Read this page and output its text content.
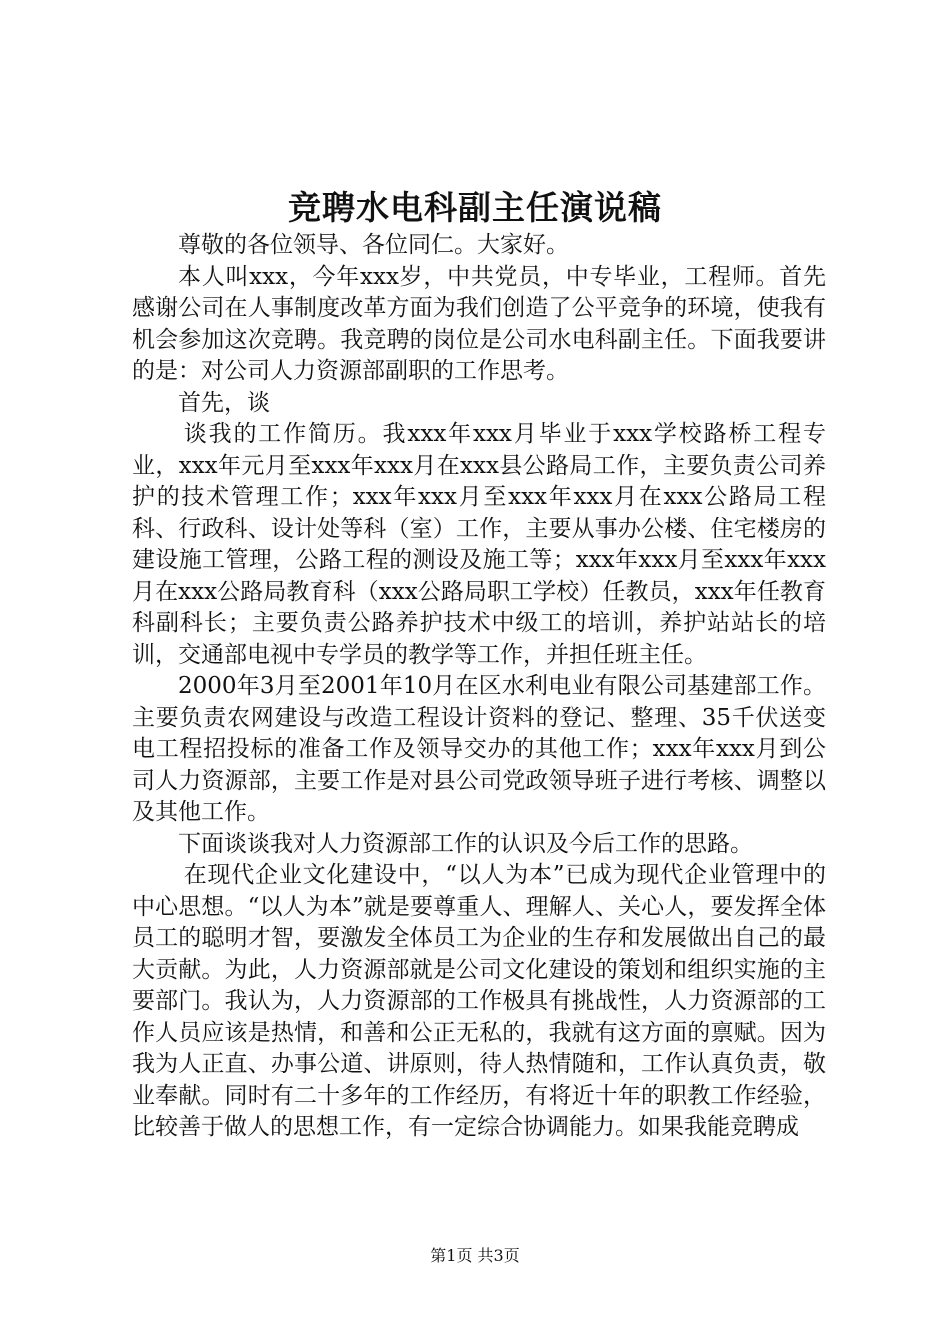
竞聘水电科副主任演说稿

尊敬的各位领导、各位同仁。大家好。

本人叫xxx，今年xxx岁，中共党员，中专毕业，工程师。首先感谢公司在人事制度改革方面为我们创造了公平竞争的环境，使我有机会参加这次竞聘。我竞聘的岗位是公司水电科副主任。下面我要讲的是：对公司人力资源部副职的工作思考。

首先，谈

谈我的工作简历。我xxx年xxx月毕业于xxx学校路桥工程专业，xxx年元月至xxx年xxx月在xxx县公路局工作，主要负责公司养护的技术管理工作；xxx年xxx月至xxx年xxx月在xxx公路局工程科、行政科、设计处等科（室）工作，主要从事办公楼、住宅楼房的建设施工管理，公路工程的测设及施工等；xxx年xxx月至xxx年xxx月在xxx公路局教育科（xxx公路局职工学校）任教员，xxx年任教育科副科长；主要负责公路养护技术中级工的培训，养护站站长的培训，交通部电视中专学员的教学等工作，并担任班主任。

2000年3月至2001年10月在区水利电业有限公司基建部工作。主要负责农网建设与改造工程设计资料的登记、整理、35千伏送变电工程招投标的准备工作及领导交办的其他工作；xxx年xxx月到公司人力资源部，主要工作是对县公司党政领导班子进行考核、调整以及其他工作。

下面谈谈我对人力资源部工作的认识及今后工作的思路。

在现代企业文化建设中，“以人为本”已成为现代企业管理中的中心思想。“以人为本”就是要尊重人、理解人、关心人，要发挥全体员工的聪明才智，要激发全体员工为企业的生存和发展做出自己的最大贡献。为此，人力资源部就是公司文化建设的策划和组织实施的主要部门。我认为，人力资源部的工作极具有挑战性，人力资源部的工作人员应该是热情，和善和公正无私的，我就有这方面的禀赋。因为我为人正直、办事公道、讲原则，待人热情随和，工作认真负责，敬业奉献。同时有二十多年的工作经历，有将近十年的职教工作经验，比较善于做人的思想工作，有一定综合协调能力。如果我能竞聘成

第1页 共3页
